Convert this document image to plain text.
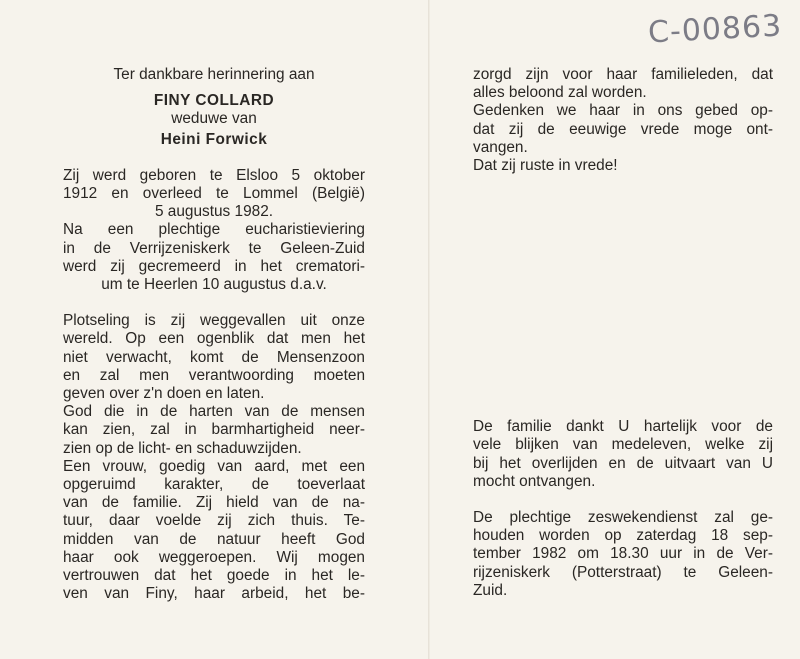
C-00863
Ter dankbare herinnering aan
FINY COLLARD
weduwe van
Heini Forwick
Zij werd geboren te Elsloo 5 oktober
1912 en overleed te Lommel (België)
5 augustus 1982.
Na een plechtige eucharistieviering
in de Verrijzeniskerk te Geleen-Zuid
werd zij gecremeerd in het crematori-
um te Heerlen 10 augustus d.a.v.
Plotseling is zij weggevallen uit onze
wereld. Op een ogenblik dat men het
niet verwacht, komt de Mensenzoon
en zal men verantwoording moeten
geven over z'n doen en laten.
God die in de harten van de mensen
kan zien, zal in barmhartigheid neer-
zien op de licht- en schaduwzijden.
Een vrouw, goedig van aard, met een
opgeruimd karakter, de toeverlaat
van de familie. Zij hield van de na-
tuur, daar voelde zij zich thuis. Te-
midden van de natuur heeft God
haar ook weggeroepen. Wij mogen
vertrouwen dat het goede in het le-
ven van Finy, haar arbeid, het be-
zorgd zijn voor haar familieleden, dat
alles beloond zal worden.
Gedenken we haar in ons gebed op-
dat zij de eeuwige vrede moge ont-
vangen.
Dat zij ruste in vrede!
De familie dankt U hartelijk voor de
vele blijken van medeleven, welke zij
bij het overlijden en de uitvaart van U
mocht ontvangen.
De plechtige zeswekendienst zal ge-
houden worden op zaterdag 18 sep-
tember 1982 om 18.30 uur in de Ver-
rijzeniskerk (Potterstraat) te Geleen-
Zuid.
